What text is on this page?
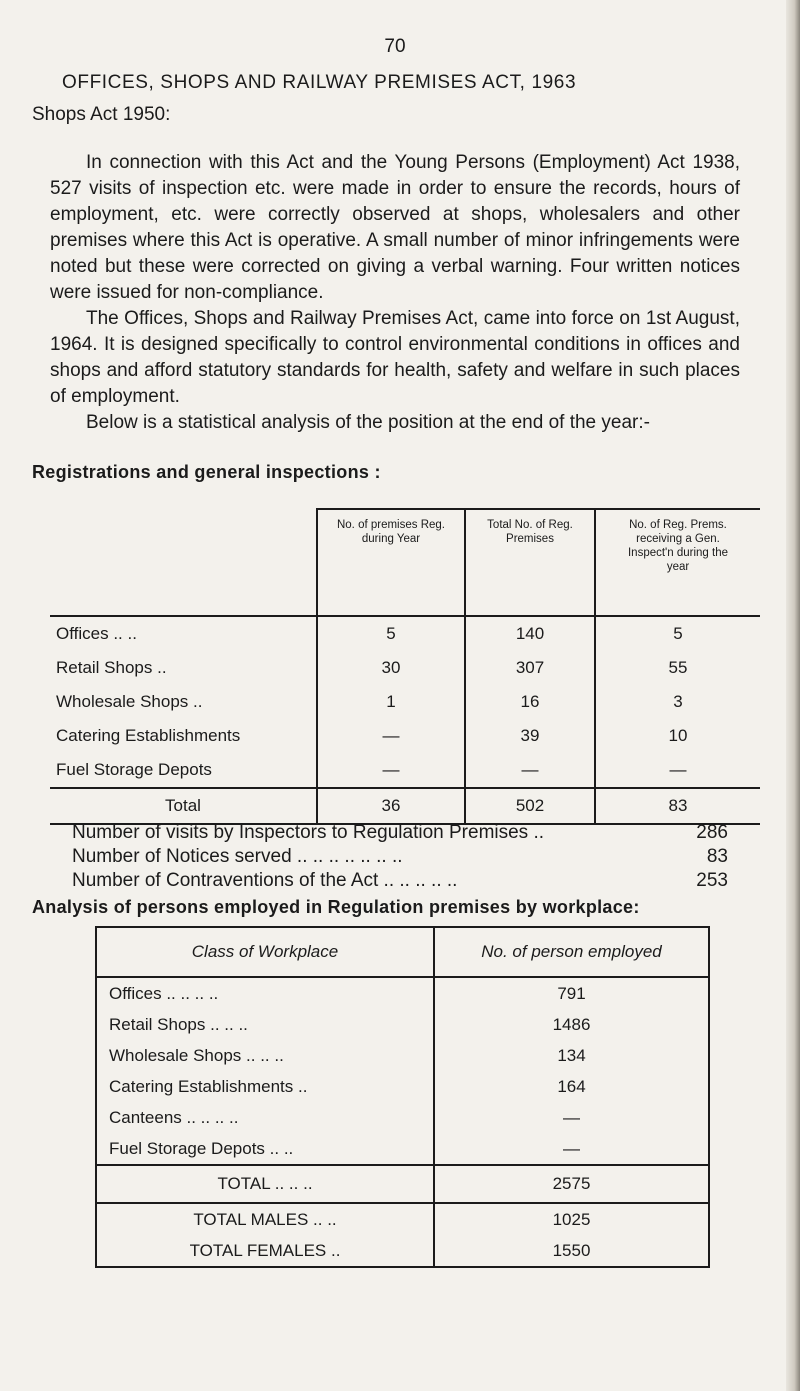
70
OFFICES, SHOPS AND RAILWAY PREMISES ACT, 1963
Shops Act 1950:

In connection with this Act and the Young Persons (Employment) Act 1938, 527 visits of inspection etc. were made in order to ensure the records, hours of employment, etc. were correctly observed at shops, wholesalers and other premises where this Act is operative. A small number of minor infringements were noted but these were corrected on giving a verbal warning. Four written notices were issued for non-compliance.

The Offices, Shops and Railway Premises Act, came into force on 1st August, 1964. It is designed specifically to control environmental conditions in offices and shops and afford statutory standards for health, safety and welfare in such places of employment.

Below is a statistical analysis of the position at the end of the year:-

Registrations and general inspections :
	No. of premises Reg. during Year	Total No. of Reg. Premises	No. of Reg. Prems. receiving a Gen. Inspect'n during the year
Offices .. ..	5	140	5
Retail Shops ..	30	307	55
Wholesale Shops ..	1	16	3
Catering Establishments	—	39	10
Fuel Storage Depots	—	—	—
Total	36	502	83
Number of visits by Inspectors to Regulation Premises ..	286
Number of Notices served .. .. .. .. .. .. ..	83
Number of Contraventions of the Act .. .. .. .. ..	253
Analysis of persons employed in Regulation premises by workplace:
Class of Workplace	No. of person employed
Offices .. .. .. ..	791
Retail Shops .. .. ..	1486
Wholesale Shops .. .. ..	134
Catering Establishments ..	164
Canteens .. .. .. ..	—
Fuel Storage Depots .. ..	—
TOTAL .. .. ..	2575
TOTAL MALES .. ..	1025
TOTAL FEMALES ..	1550
